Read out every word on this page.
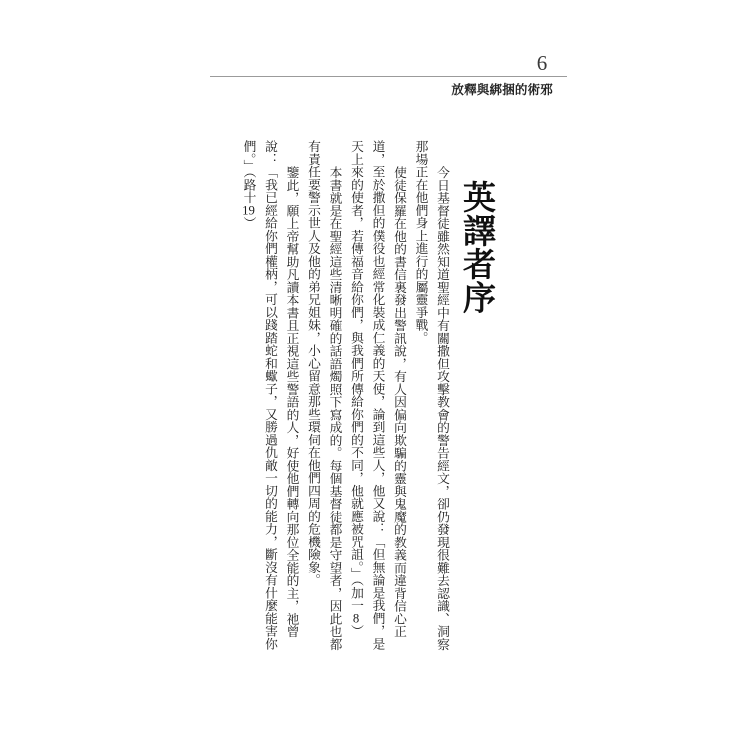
6
放釋與綁捆的術邪
英譯者序

今日基督徒雖然知道聖經中有關撒但攻擊教會的警告經文，卻仍發現很難去認識、洞察那場正在他們身上進行的屬靈爭戰。

使徒保羅在他的書信裏發出警訊說，有人因偏向欺騙的靈與鬼魔的教義而違背信心正道，至於撒但的僕役也經常化裝成仁義的天使，論到這些人，他又說：「但無論是我們，是天上來的使者，若傳福音給你們，與我們所傳給你們的不同，他就應被咒詛。」（加一8）

本書就是在聖經這些清晰明確的話語燭照下寫成的。每個基督徒都是守望者，因此也都有責任要警示世人及他的弟兄姐妹，小心留意那些環伺在他們四周的危機險象。

鑒此，願上帝幫助凡讀本書且正視這些警語的人，好使他們轉向那位全能的主，祂曾說：「我已經給你們權柄，可以踐踏蛇和蠍子，又勝過仇敵一切的能力，斷沒有什麼能害你們。」（路十19）
